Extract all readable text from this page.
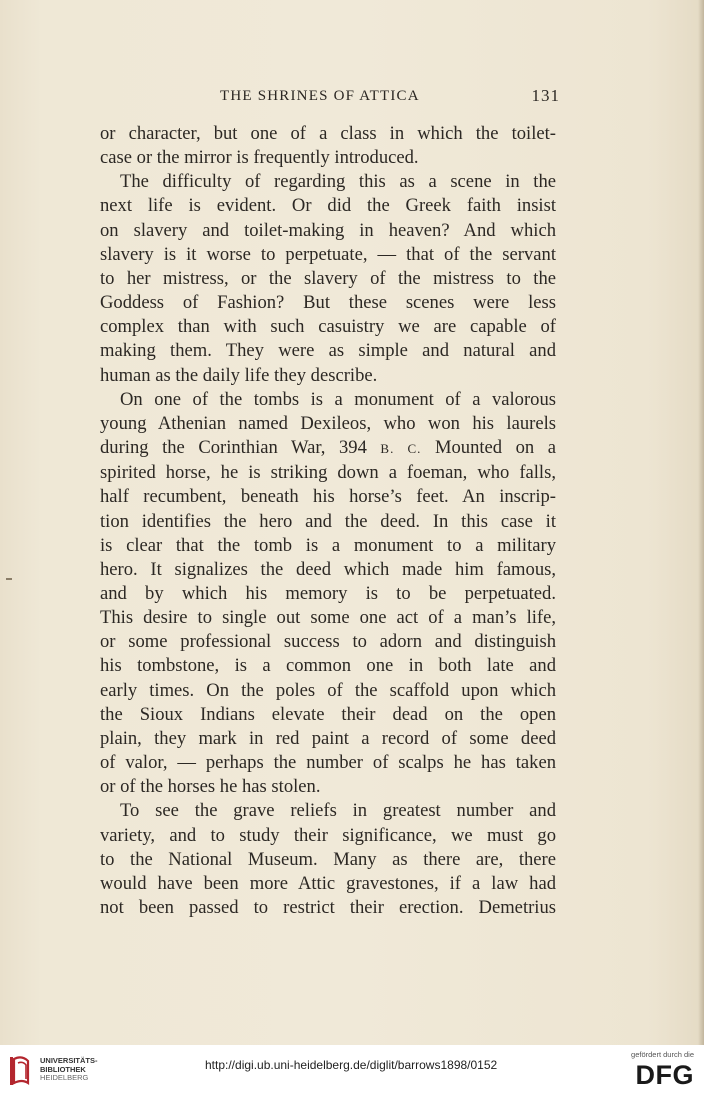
THE SHRINES OF ATTICA	131
or character, but one of a class in which the toilet-
case or the mirror is frequently introduced.
The difficulty of regarding this as a scene in the
next life is evident. Or did the Greek faith insist
on slavery and toilet-making in heaven? And which
slavery is it worse to perpetuate, — that of the servant
to her mistress, or the slavery of the mistress to the
Goddess of Fashion? But these scenes were less
complex than with such casuistry we are capable of
making them. They were as simple and natural and
human as the daily life they describe.
On one of the tombs is a monument of a valorous
young Athenian named Dexileos, who won his laurels
during the Corinthian War, 394 B. C. Mounted on a
spirited horse, he is striking down a foeman, who falls,
half recumbent, beneath his horse’s feet. An inscrip-
tion identifies the hero and the deed. In this case it
is clear that the tomb is a monument to a military
hero. It signalizes the deed which made him famous,
and by which his memory is to be perpetuated.
This desire to single out some one act of a man’s life,
or some professional success to adorn and distinguish
his tombstone, is a common one in both late and
early times. On the poles of the scaffold upon which
the Sioux Indians elevate their dead on the open
plain, they mark in red paint a record of some deed
of valor, — perhaps the number of scalps he has taken
or of the horses he has stolen.
To see the grave reliefs in greatest number and
variety, and to study their significance, we must go
to the National Museum. Many as there are, there
would have been more Attic gravestones, if a law had
not been passed to restrict their erection. Demetrius
UNIVERSITÄTS-
BIBLIOTHEK
HEIDELBERG
http://digi.ub.uni-heidelberg.de/diglit/barrows1898/0152
gefördert durch die
DFG
